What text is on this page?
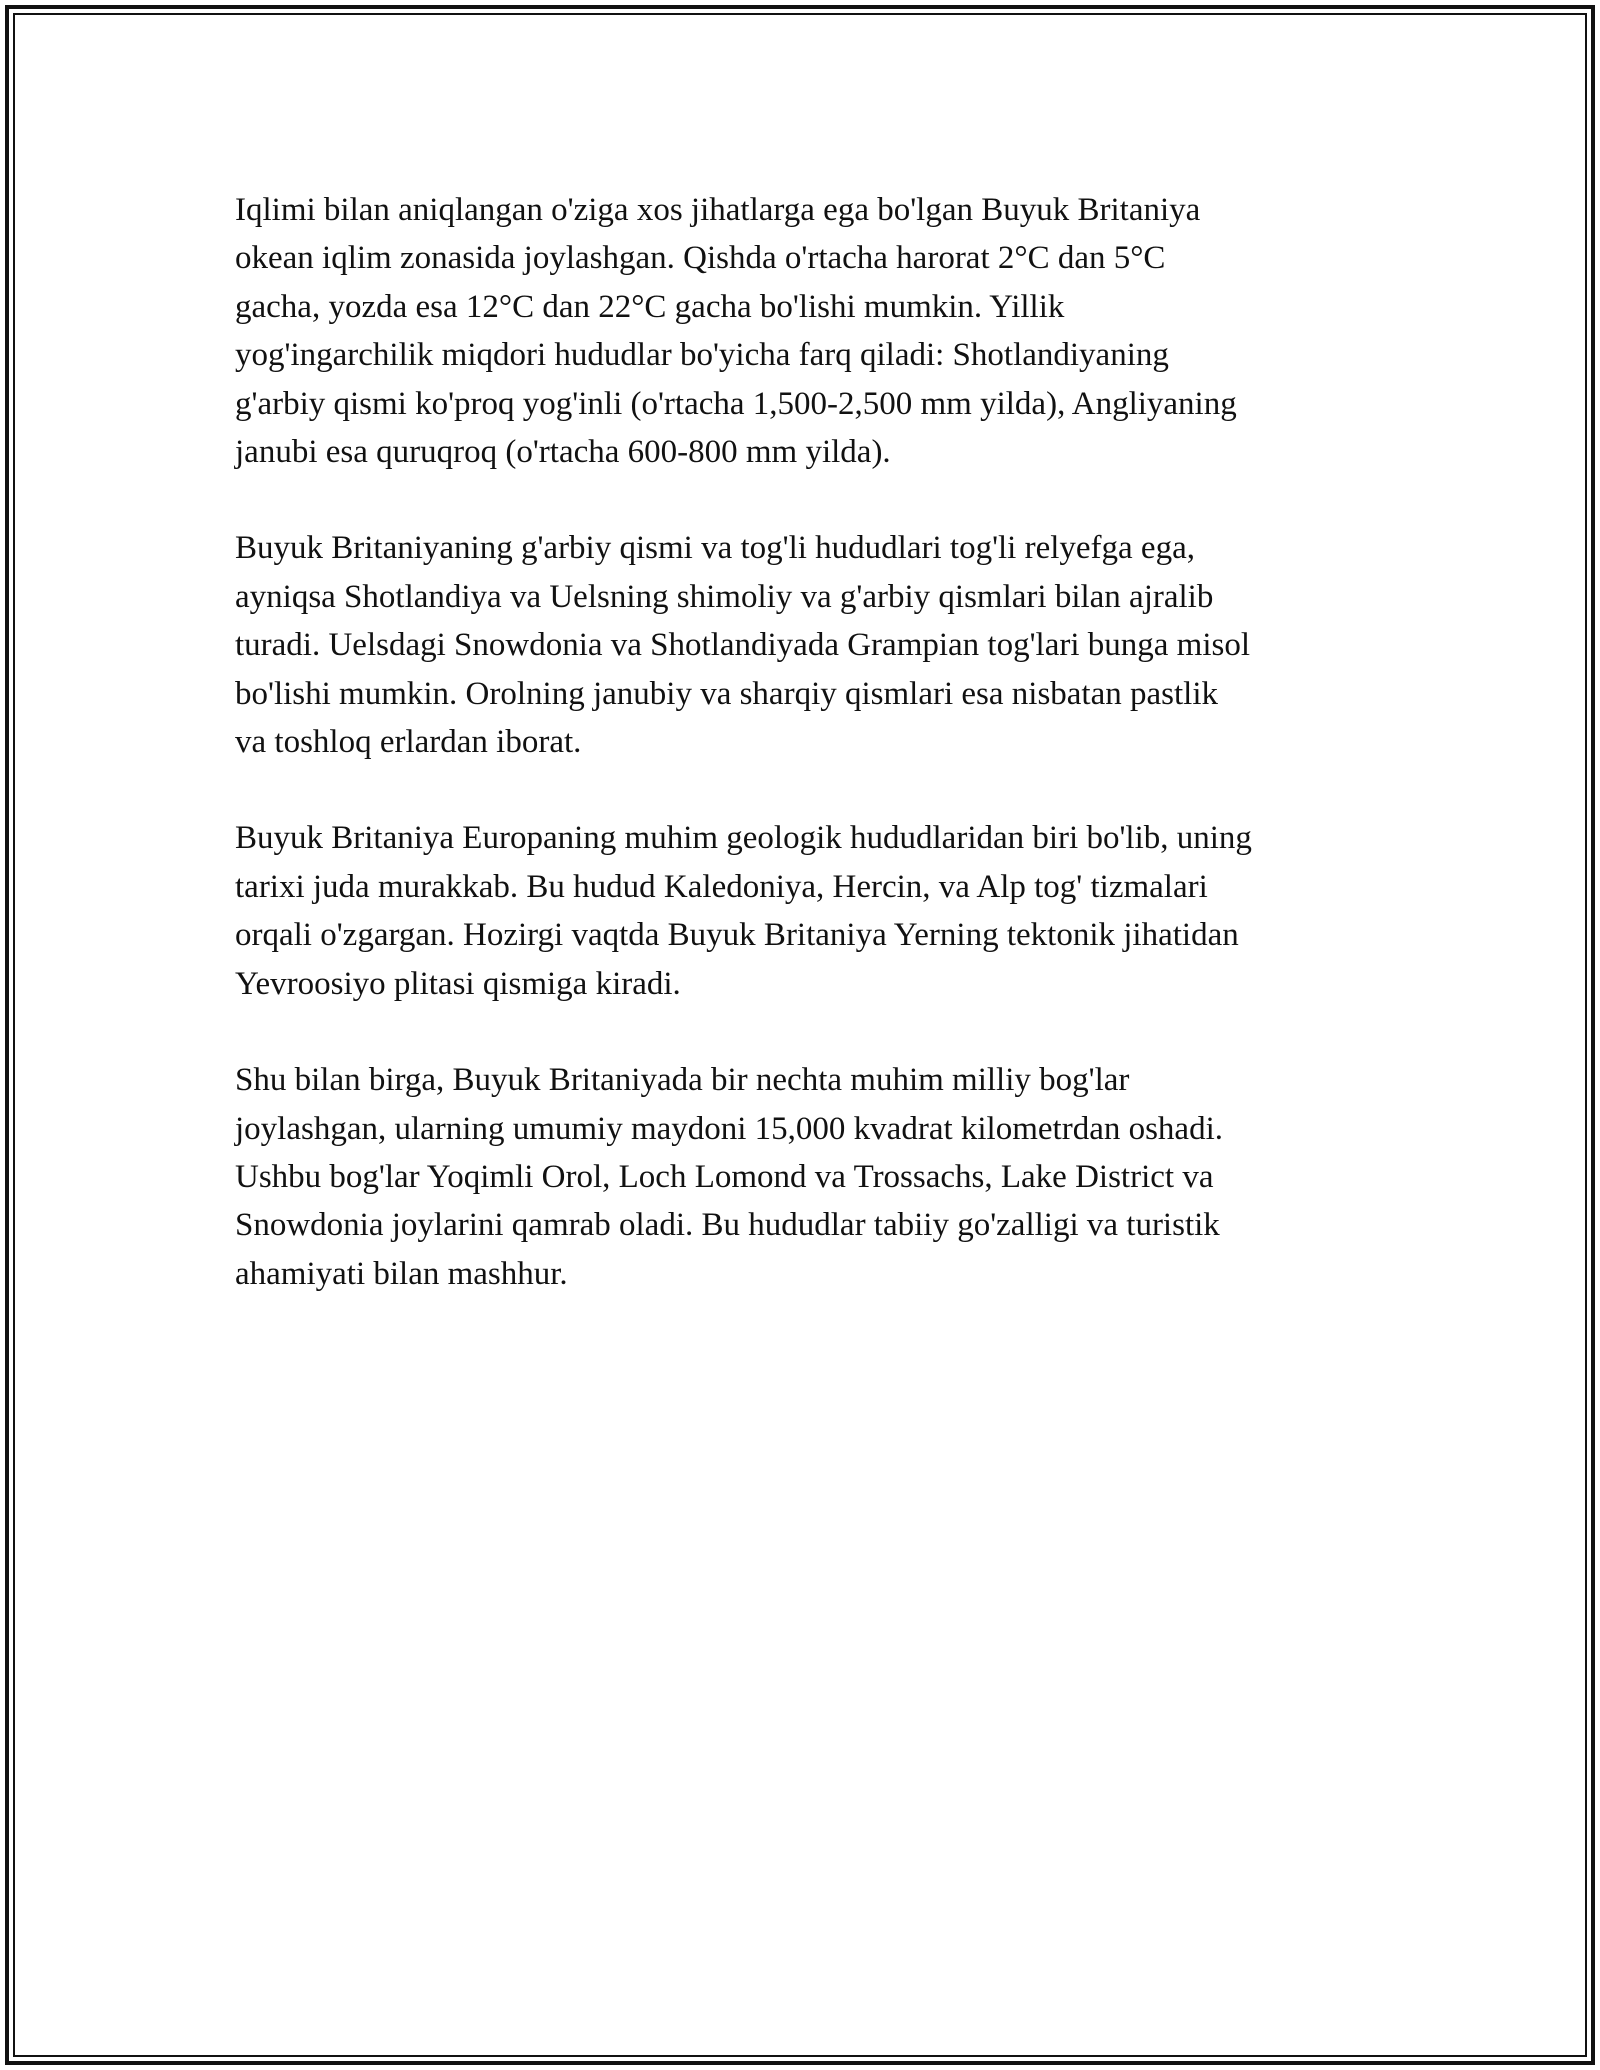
Iqlimi bilan aniqlangan o'ziga xos jihatlarga ega bo'lgan Buyuk Britaniya
okean iqlim zonasida joylashgan. Qishda o'rtacha harorat 2°C dan 5°C
gacha, yozda esa 12°C dan 22°C gacha bo'lishi mumkin. Yillik
yog'ingarchilik miqdori hududlar bo'yicha farq qiladi: Shotlandiyaning
g'arbiy qismi ko'proq yog'inli (o'rtacha 1,500-2,500 mm yilda), Angliyaning
janubi esa quruqroq (o'rtacha 600-800 mm yilda).

Buyuk Britaniyaning g'arbiy qismi va tog'li hududlari tog'li relyefga ega,
ayniqsa Shotlandiya va Uelsning shimoliy va g'arbiy qismlari bilan ajralib
turadi. Uelsdagi Snowdonia va Shotlandiyada Grampian tog'lari bunga misol
bo'lishi mumkin. Orolning janubiy va sharqiy qismlari esa nisbatan pastlik
va toshloq erlardan iborat.

Buyuk Britaniya Europaning muhim geologik hududlaridan biri bo'lib, uning
tarixi juda murakkab. Bu hudud Kaledoniya, Hercin, va Alp tog' tizmalari
orqali o'zgargan. Hozirgi vaqtda Buyuk Britaniya Yerning tektonik jihatidan
Yevroosiyo plitasi qismiga kiradi.

Shu bilan birga, Buyuk Britaniyada bir nechta muhim milliy bog'lar
joylashgan, ularning umumiy maydoni 15,000 kvadrat kilometrdan oshadi.
Ushbu bog'lar Yoqimli Orol, Loch Lomond va Trossachs, Lake District va
Snowdonia joylarini qamrab oladi. Bu hududlar tabiiy go'zalligi va turistik
ahamiyati bilan mashhur.
